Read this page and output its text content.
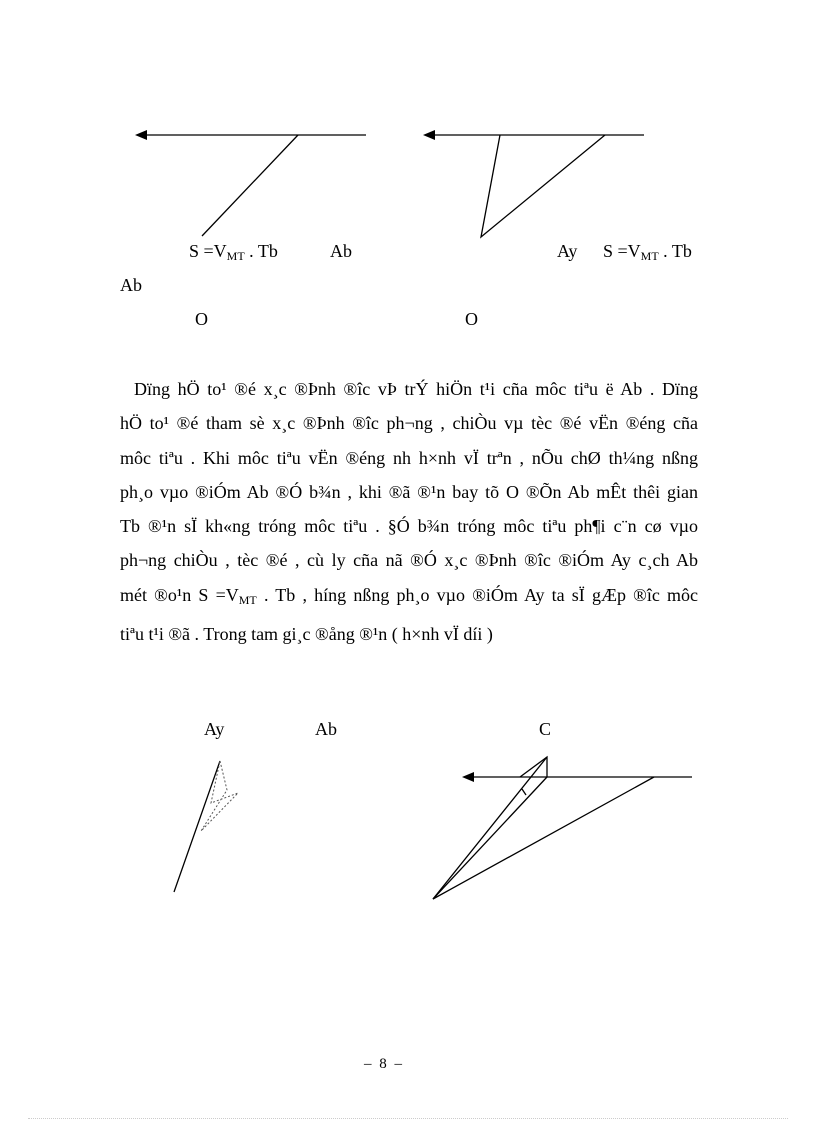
$S =V_{MT}$ . Tb	Ab	Ay $S =V_{MT}$ . Tb
Ab
O	O

Dïng hÖ to¹ ®é x¸c ®Þnh ®îc vÞ trÝ hiÖn t¹i cña môc tiªu ë Ab . Dïng
hÖ to¹ ®é tham sè x¸c ®Þnh ®îc ph¬ng , chiÒu vµ tèc ®é vËn ®éng cña
môc tiªu . Khi môc tiªu vËn ®éng nh h×nh vÏ trªn , nÕu chØ th¼ng nßng
ph¸o vµo ®iÓm Ab ®Ó b¾n , khi ®ã ®¹n bay tõ O ®Õn Ab mÊt thêi gian
Tb ®¹n sÏ kh«ng tróng môc tiªu . §Ó b¾n tróng môc tiªu ph¶i c¨n cø vµo
ph¬ng chiÒu , tèc ®é , cù ly cña nã ®Ó x¸c ®Þnh ®îc ®iÓm Ay c¸ch Ab
mét ®o¹n $S =V_{MT}$ . Tb , híng nßng ph¸o vµo ®iÓm Ay ta sÏ gÆp ®îc môc
tiªu t¹i ®ã . Trong tam gi¸c ®ång ®¹n ( h×nh vÏ díi )

Ay	Ab	C
– 8 –
